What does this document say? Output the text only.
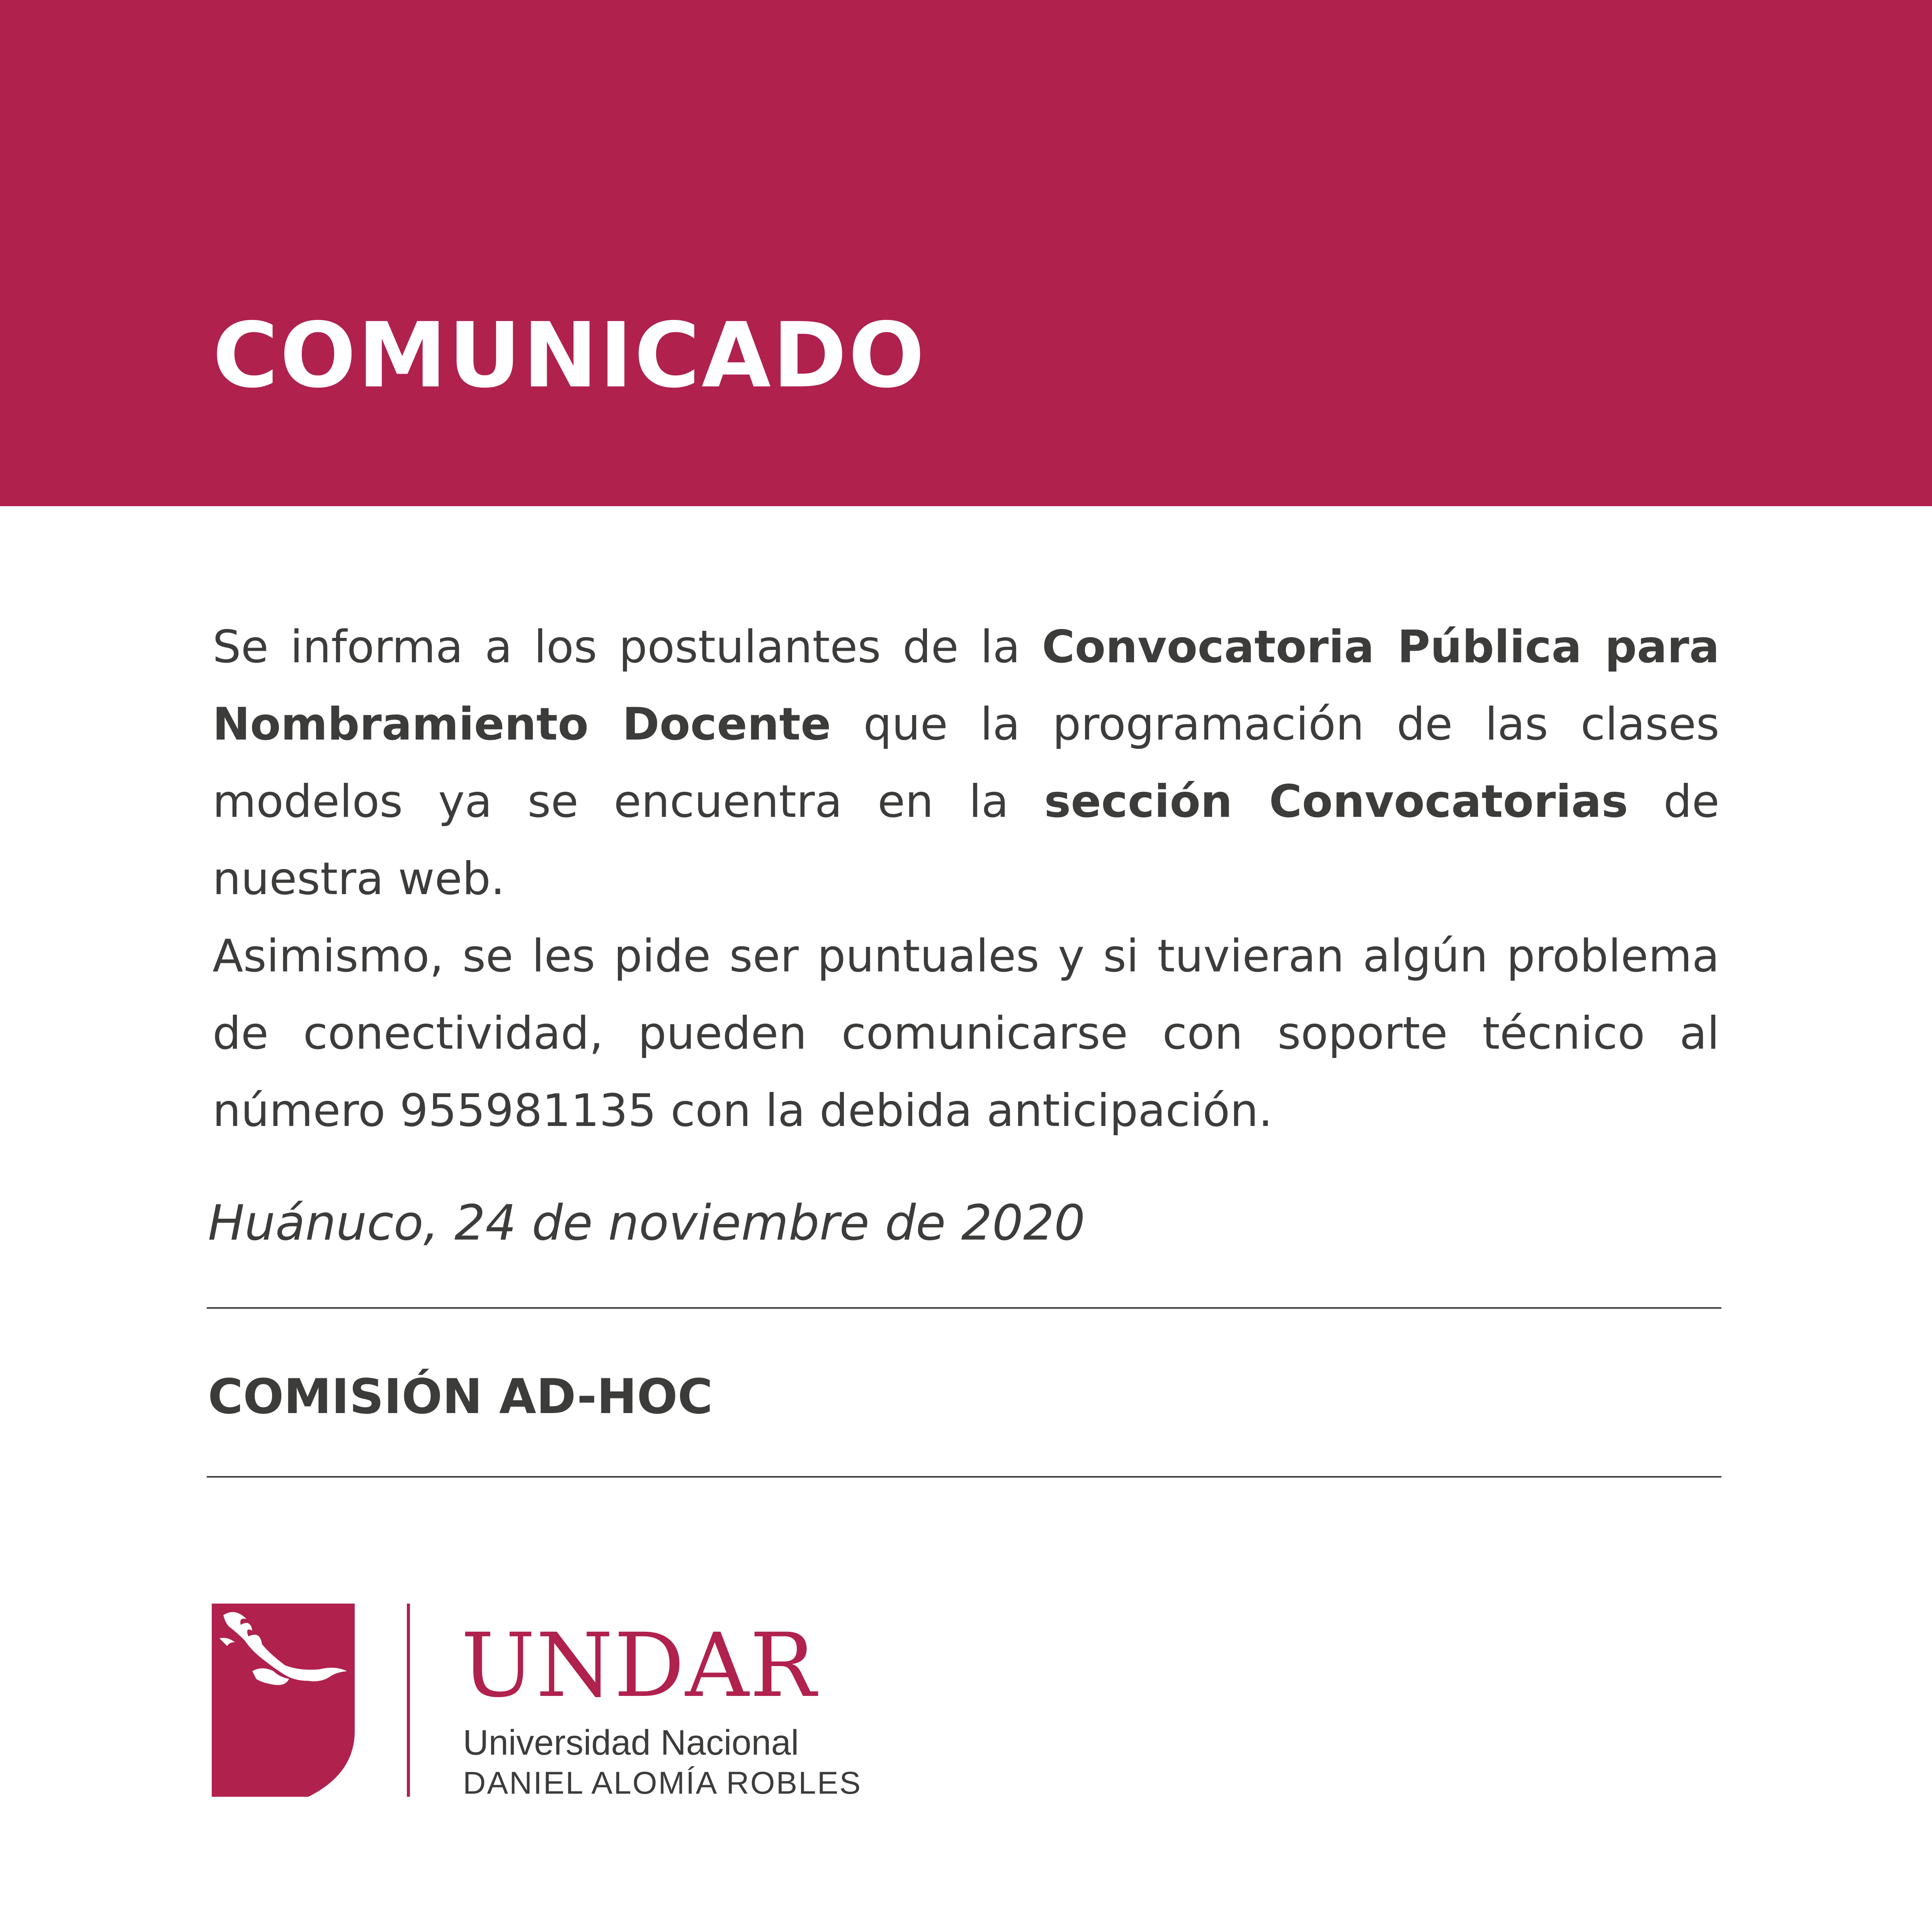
COMUNICADO

Se informa a los postulantes de la Convocatoria Pública para Nombramiento Docente que la programación de las clases modelos ya se encuentra en la sección Convocatorias de nuestra web.

Asimismo, se les pide ser puntuales y si tuvieran algún problema de conectividad, pueden comunicarse con soporte técnico al número 955981135 con la debida anticipación.

Huánuco, 24 de noviembre de 2020
COMISIÓN AD-HOC
UNDAR
Universidad Nacional
DANIEL ALOMÍA ROBLES
